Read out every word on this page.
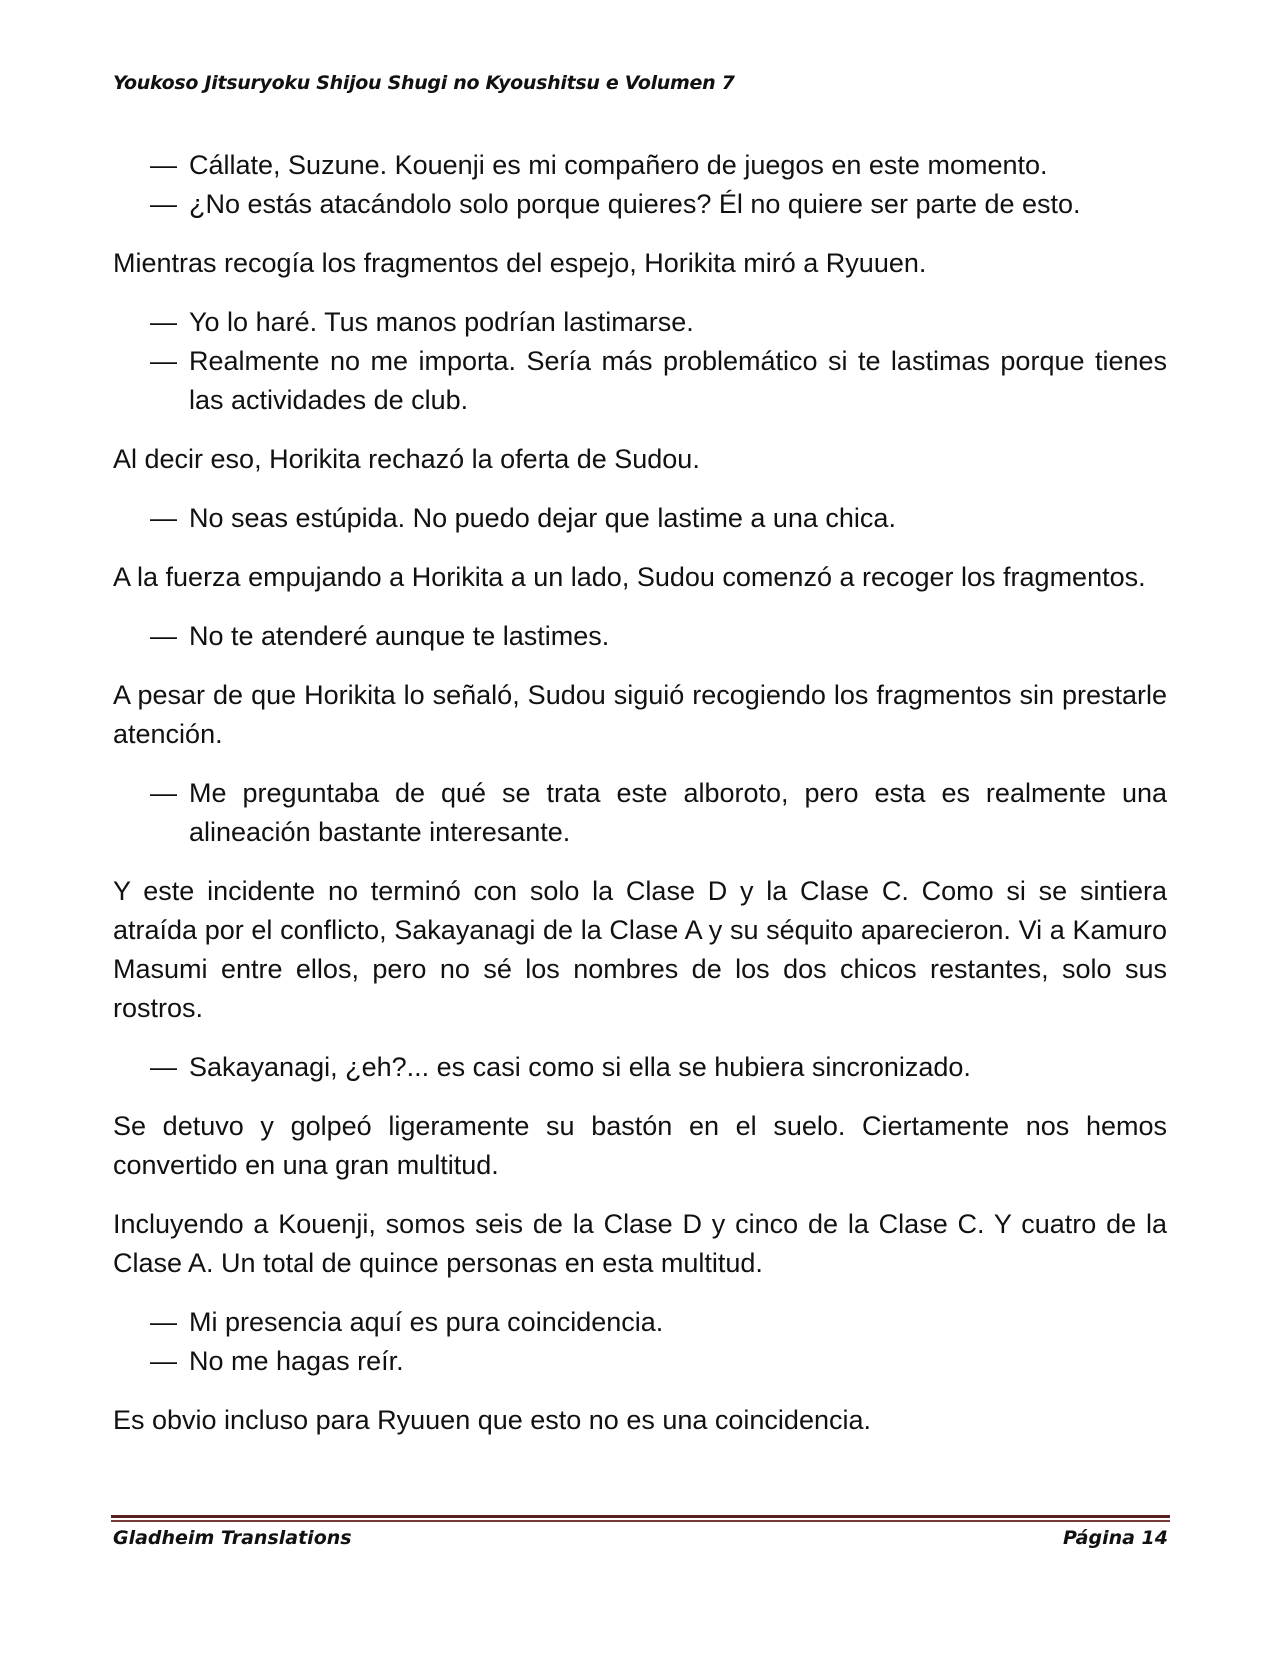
Youkoso Jitsuryoku Shijou Shugi no Kyoushitsu e Volumen 7

— Cállate, Suzune. Kouenji es mi compañero de juegos en este momento.

— ¿No estás atacándolo solo porque quieres? Él no quiere ser parte de esto.

Mientras recogía los fragmentos del espejo, Horikita miró a Ryuuen.

— Yo lo haré. Tus manos podrían lastimarse.

— Realmente no me importa. Sería más problemático si te lastimas porque tienes las actividades de club.

Al decir eso, Horikita rechazó la oferta de Sudou.

— No seas estúpida. No puedo dejar que lastime a una chica.

A la fuerza empujando a Horikita a un lado, Sudou comenzó a recoger los fragmentos.

— No te atenderé aunque te lastimes.

A pesar de que Horikita lo señaló, Sudou siguió recogiendo los fragmentos sin prestarle atención.

— Me preguntaba de qué se trata este alboroto, pero esta es realmente una alineación bastante interesante.

Y este incidente no terminó con solo la Clase D y la Clase C. Como si se sintiera atraída por el conflicto, Sakayanagi de la Clase A y su séquito aparecieron. Vi a Kamuro Masumi entre ellos, pero no sé los nombres de los dos chicos restantes, solo sus rostros.

— Sakayanagi, ¿eh?... es casi como si ella se hubiera sincronizado.

Se detuvo y golpeó ligeramente su bastón en el suelo. Ciertamente nos hemos convertido en una gran multitud.

Incluyendo a Kouenji, somos seis de la Clase D y cinco de la Clase C. Y cuatro de la Clase A. Un total de quince personas en esta multitud.

— Mi presencia aquí es pura coincidencia.

— No me hagas reír.

Es obvio incluso para Ryuuen que esto no es una coincidencia.

Gladheim Translations	Página 14
